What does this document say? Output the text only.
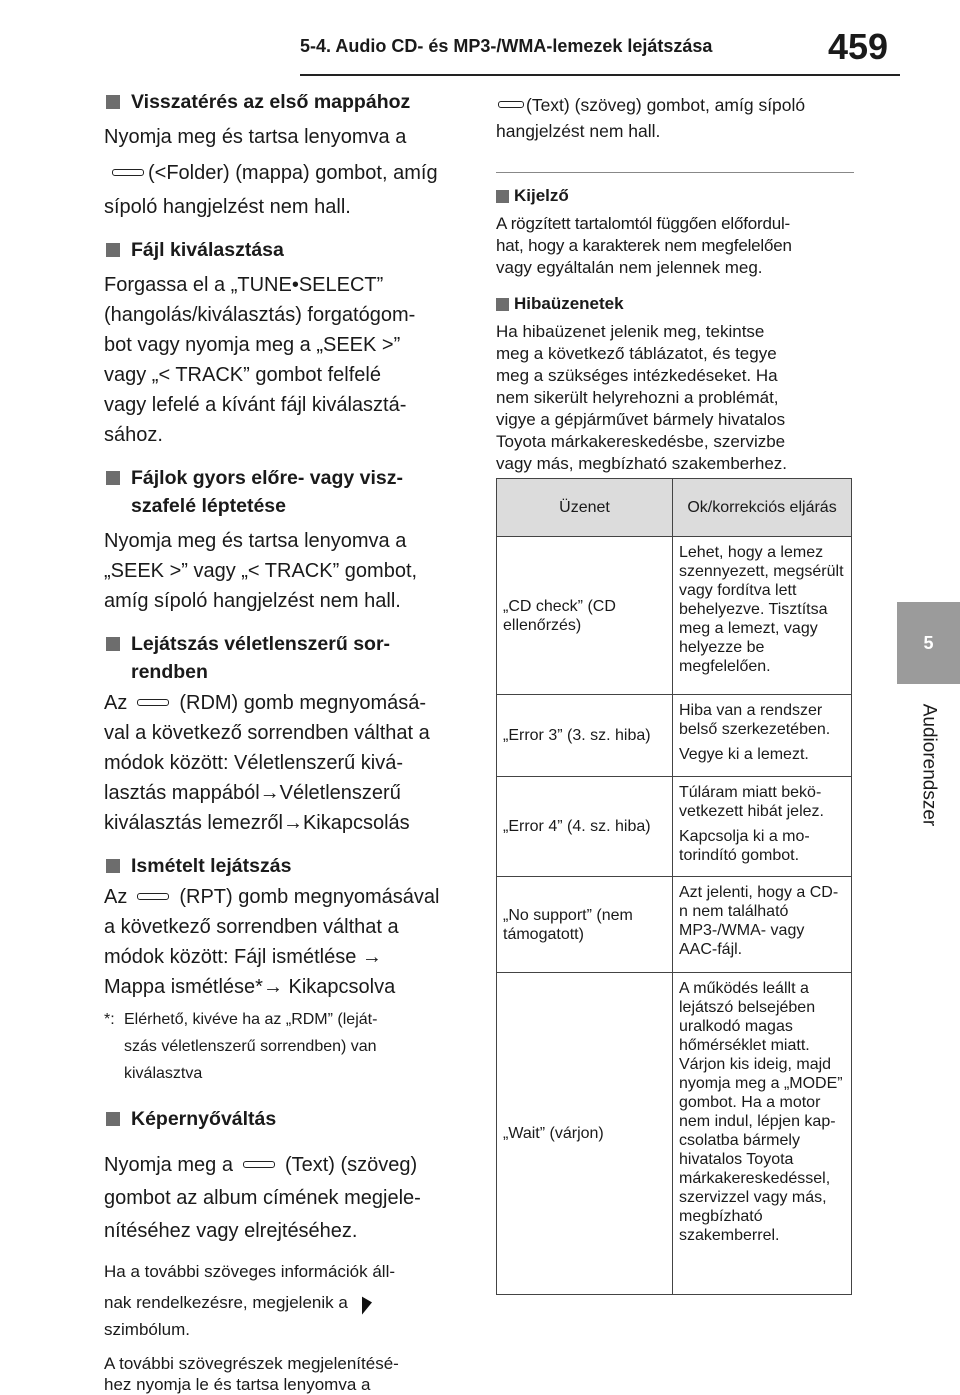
5-4. Audio CD- és MP3-/WMA-lemezek lejátszása	459
5
Audiorendszer
Visszatérés az első mappához
Nyomja meg és tartsa lenyomva a
(<Folder) (mappa) gombot, amíg
sípoló hangjelzést nem hall.
Fájl kiválasztása
Forgassa el a „TUNE•SELECT”
(hangolás/kiválasztás) forgatógom-
bot vagy nyomja meg a „SEEK >”
vagy „< TRACK” gombot felfelé
vagy lefelé a kívánt fájl kiválasztá-
sához.
Fájlok gyors előre- vagy visz-
szafelé léptetése
Nyomja meg és tartsa lenyomva a
„SEEK >” vagy „< TRACK” gombot,
amíg sípoló hangjelzést nem hall.
Lejátszás véletlenszerű sor-
rendben
Az	(RDM) gomb megnyomásá-
val a következő sorrendben válthat a
módok között: Véletlenszerű kivá-
lasztás mappából→Véletlenszerű
kiválasztás lemezről→Kikapcsolás
Ismételt lejátszás
Az	(RPT) gomb megnyomásával
a következő sorrendben válthat a
módok között: Fájl ismétlése →
Mappa ismétlése*→ Kikapcsolva
*: Elérhető, kivéve ha az „RDM” (leját-
szás véletlenszerű sorrendben) van
kiválasztva
Képernyőváltás
Nyomja meg a	(Text) (szöveg)
gombot az album címének megjele-
nítéséhez vagy elrejtéséhez.
Ha a további szöveges információk áll-
nak rendelkezésre, megjelenik a
szimbólum.
A további szövegrészek megjelenítésé-
hez nyomja le és tartsa lenyomva a
(Text) (szöveg) gombot, amíg sípoló
hangjelzést nem hall.
Kijelző
A rögzített tartalomtól függően előfordul-
hat, hogy a karakterek nem megfelelően
vagy egyáltalán nem jelennek meg.
Hibaüzenetek
Ha hibaüzenet jelenik meg, tekintse
meg a következő táblázatot, és tegye
meg a szükséges intézkedéseket. Ha
nem sikerült helyrehozni a problémát,
vigye a gépjárművet bármely hivatalos
Toyota márkakereskedésbe, szervizbe
vagy más, megbízható szakemberhez.
Üzenet	Ok/korrekciós eljárás
„CD check” (CD ellenőrzés)	Lehet, hogy a lemez szennyezett, megsérült vagy fordítva lett behelyezve. Tisztítsa meg a lemezt, vagy helyezze be megfelelően.
„Error 3” (3. sz. hiba)	Hiba van a rendszer belső szerkezetében.
Vegye ki a lemezt.

„Error 4” (4. sz. hiba)	Túláram miatt bekövetkezett hibát jelez.
Kapcsolja ki a motorindító gombot.

„No support” (nem támogatott)	Azt jelenti, hogy a CD-n nem található MP3-/WMA- vagy AAC-fájl.
„Wait” (várjon)	A működés leállt a lejátszó belsejében uralkodó magas hőmérséklet miatt. Várjon kis ideig, majd nyomja meg a „MODE” gombot. Ha a motor nem indul, lépjen kapcsolatba bármely hivatalos Toyota márkakereskedéssel, szervizzel vagy más, megbízható szakemberrel.
